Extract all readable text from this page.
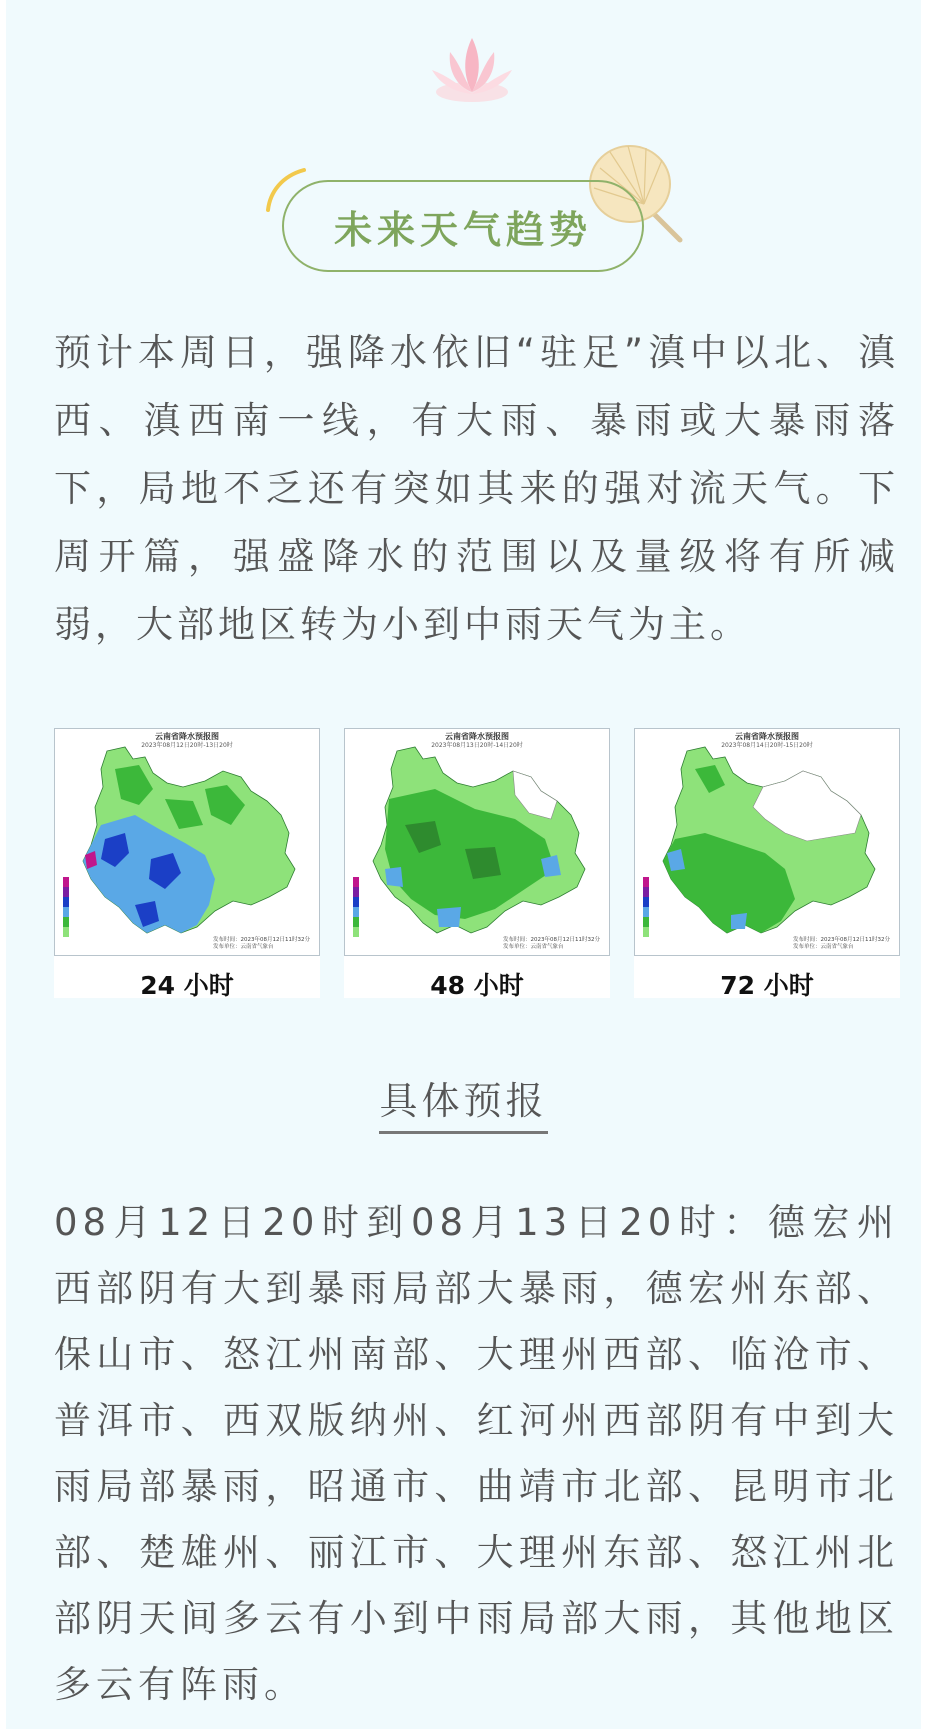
未来天气趋势

预计本周日，强降水依旧“驻足”滇中以北、滇西、滇西南一线，有大雨、暴雨或大暴雨落下，局地不乏还有突如其来的强对流天气。下周开篇，强盛降水的范围以及量级将有所减弱，大部地区转为小到中雨天气为主。

云南省降水预报图
2023年08月12日20时-13日20时
发布时间：2023年08月12日11时32分
发布单位：云南省气象台
24 小时
云南省降水预报图
2023年08月13日20时-14日20时
发布时间：2023年08月12日11时32分
发布单位：云南省气象台
48 小时
云南省降水预报图
2023年08月14日20时-15日20时
发布时间：2023年08月12日11时32分
发布单位：云南省气象台
72 小时
具体预报

08月12日20时到08月13日20时：德宏州西部阴有大到暴雨局部大暴雨，德宏州东部、保山市、怒江州南部、大理州西部、临沧市、普洱市、西双版纳州、红河州西部阴有中到大雨局部暴雨，昭通市、曲靖市北部、昆明市北部、楚雄州、丽江市、大理州东部、怒江州北部阴天间多云有小到中雨局部大雨，其他地区多云有阵雨。
